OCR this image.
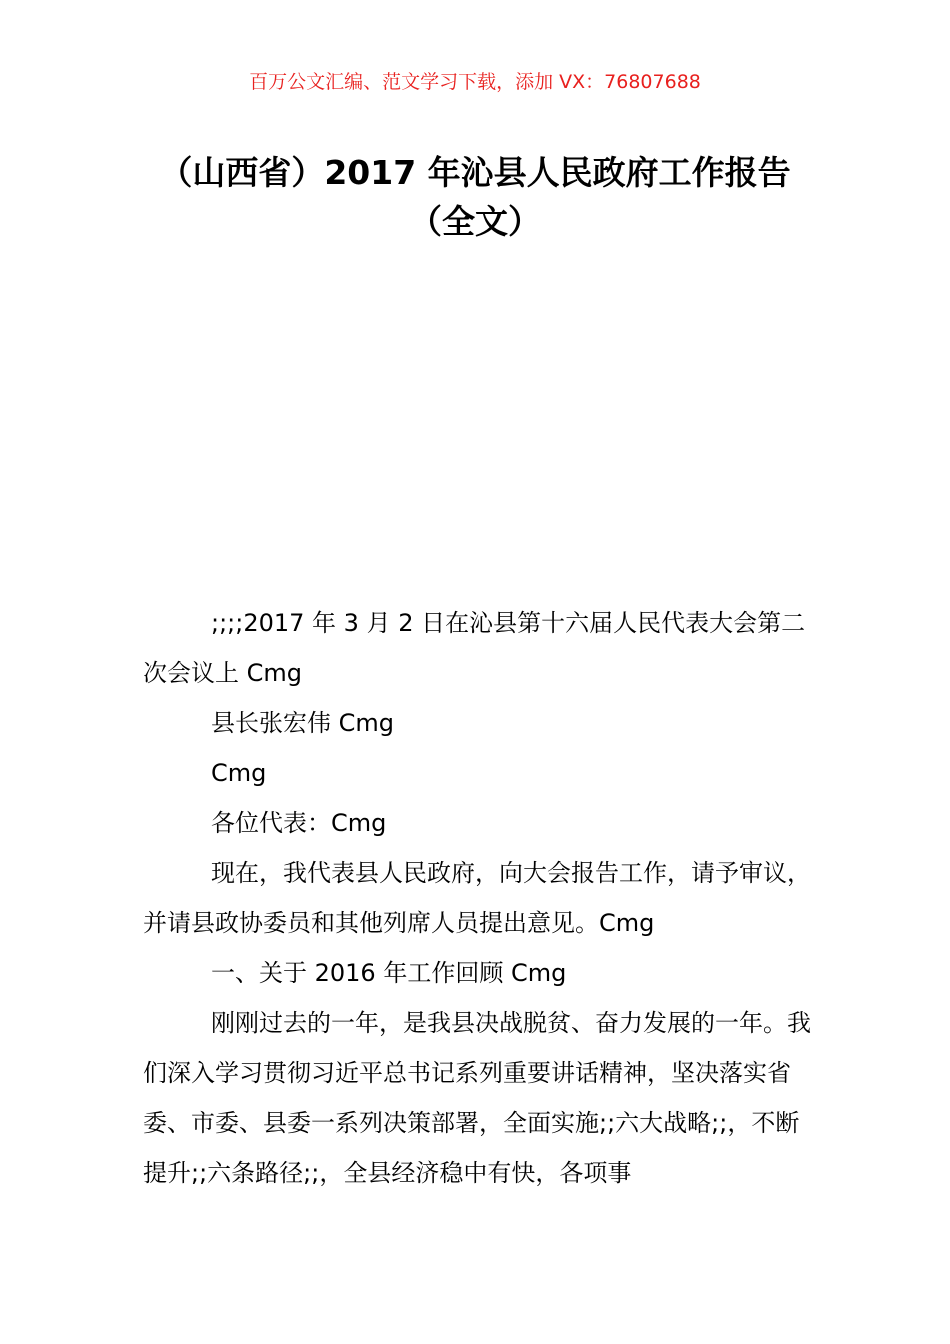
百万公文汇编、范文学习下载，添加 VX：76807688
（山西省）2017 年沁县人民政府工作报告
（全文）

;;;;2017 年 3 月 2 日在沁县第十六届人民代表大会第二次会议上 Cmg

县长张宏伟 Cmg

Cmg

各位代表：Cmg

现在，我代表县人民政府，向大会报告工作，请予审议，并请县政协委员和其他列席人员提出意见。Cmg

一、关于 2016 年工作回顾 Cmg

刚刚过去的一年，是我县决战脱贫、奋力发展的一年。我们深入学习贯彻习近平总书记系列重要讲话精神，坚决落实省委、市委、县委一系列决策部署，全面实施;;六大战略;;，不断提升;;六条路径;;，全县经济稳中有快，各项事
